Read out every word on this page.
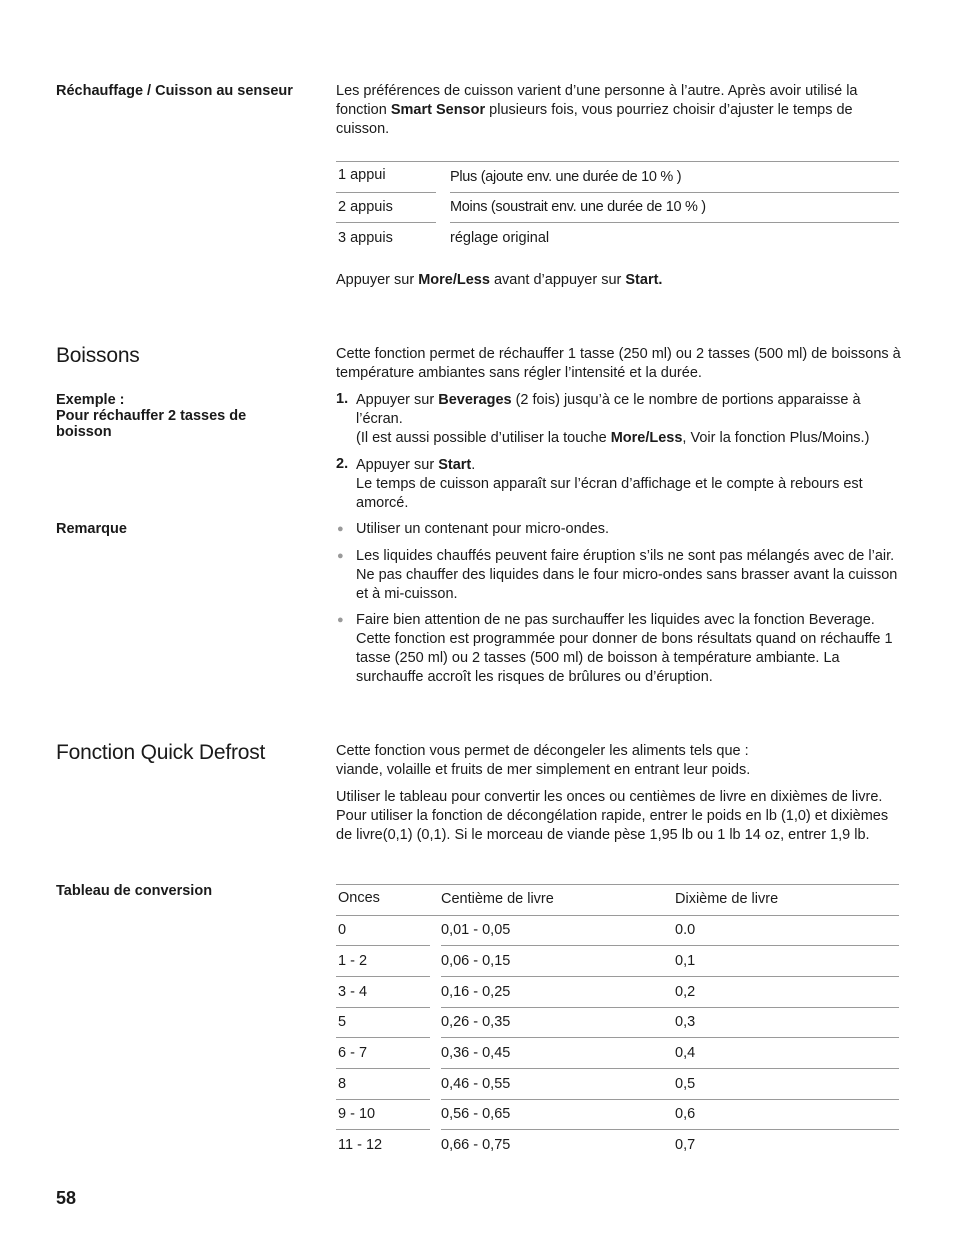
Réchauffage / Cuisson au senseur	Les préférences de cuisson varient d’une personne à l’autre. Après avoir utilisé la fonction Smart Sensor plusieurs fois, vous pourriez choisir d’ajuster le temps de cuisson.
1 appui	Plus (ajoute env. une durée de 10 % )
2 appuis	Moins (soustrait env. une durée de 10 % )
3 appuis	réglage original
Appuyer sur More/Less avant d’appuyer sur Start.
Boissons	Cette fonction permet de réchauffer 1 tasse (250 ml) ou 2 tasses (500 ml) de boissons à température ambiantes sans régler l’intensité et la durée.
Exemple :
Pour réchauffer 2 tasses de boisson
1. Appuyer sur Beverages (2 fois) jusqu’à ce le nombre de portions apparaisse à l’écran.
(Il est aussi possible d’utiliser la touche More/Less, Voir la fonction Plus/Moins.)
2. Appuyer sur Start.
Le temps de cuisson apparaît sur l’écran d’affichage et le compte à rebours est amorcé.
Remarque	● Utiliser un contenant pour micro-ondes.
● Les liquides chauffés peuvent faire éruption s’ils ne sont pas mélangés avec de l’air. Ne pas chauffer des liquides dans le four micro-ondes sans brasser avant la cuisson et à mi-cuisson.
● Faire bien attention de ne pas surchauffer les liquides avec la fonction Beverage. Cette fonction est programmée pour donner de bons résultats quand on réchauffe 1 tasse (250 ml) ou 2 tasses (500 ml) de boisson à température ambiante. La surchauffe accroît les risques de brûlures ou d’éruption.
Fonction Quick Defrost	Cette fonction vous permet de décongeler les aliments tels que :
viande, volaille et fruits de mer simplement en entrant leur poids.
Utiliser le tableau pour convertir les onces ou centièmes de livre en dixièmes de livre. Pour utiliser la fonction de décongélation rapide, entrer le poids en lb (1,0) et dixièmes de livre(0,1) (0,1). Si le morceau de viande pèse 1,95 lb ou 1 lb 14 oz, entrer 1,9 lb.
Tableau de conversion	Onces	Centième de livre	Dixième de livre
0	0,01 - 0,05	0.0
1 - 2	0,06 - 0,15	0,1
3 - 4	0,16 - 0,25	0,2
5	0,26 - 0,35	0,3
6 - 7	0,36 - 0,45	0,4
8	0,46 - 0,55	0,5
9 - 10	0,56 - 0,65	0,6
11 - 12	0,66 - 0,75	0,7
58
